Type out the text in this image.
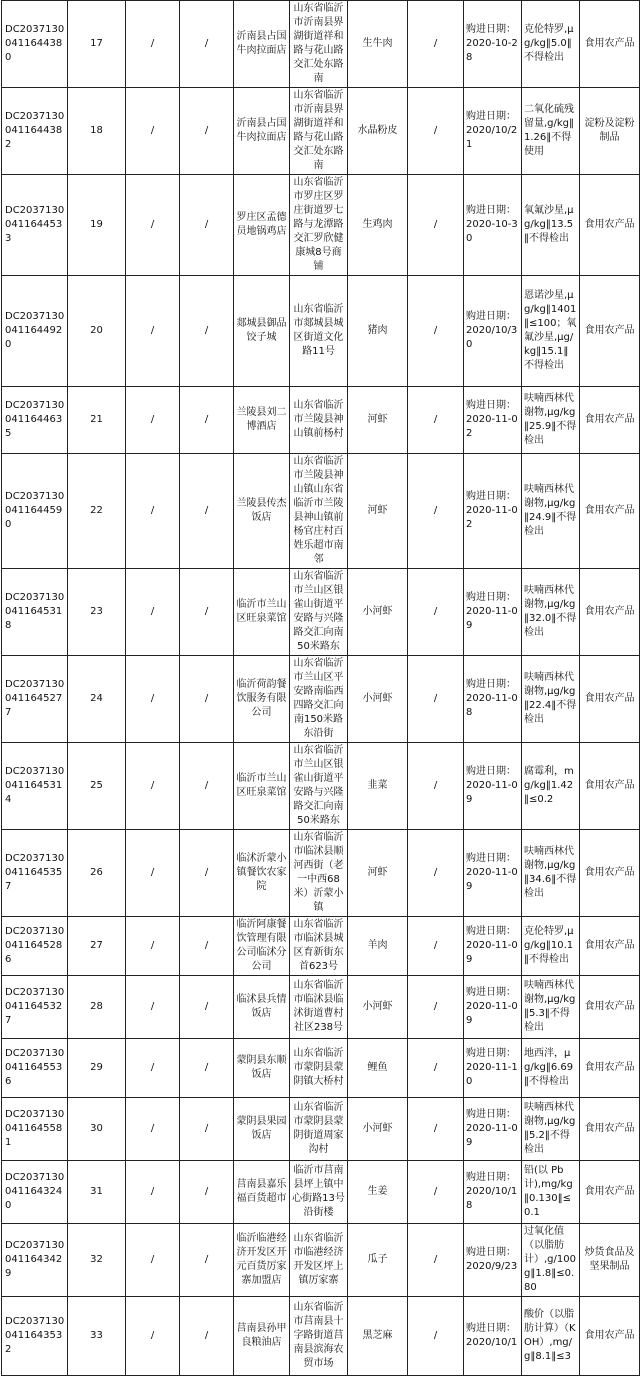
DC20371300411644380	17	/	/	沂南县占国牛肉拉面店	山东省临沂市沂南县界湖街道祥和路与花山路交汇处东路南	生牛肉	/	购进日期：2020-10-28	克伦特罗,μg/kg‖5.0‖不得检出	食用农产品
DC20371300411644382	18	/	/	沂南县占国牛肉拉面店	山东省临沂市沂南县界湖街道祥和路与花山路交汇处东路南	水晶粉皮	/	购进日期：2020/10/21	二氧化硫残留量,g/kg‖1.26‖不得使用	淀粉及淀粉制品
DC20371300411644533	19	/	/	罗庄区孟德员地锅鸡店	山东省临沂市罗庄区罗庄街道罗七路与龙潭路交汇罗欣健康城8号商铺	生鸡肉	/	购进日期：2020-10-30	氧氟沙星,μg/kg‖13.5‖不得检出	食用农产品
DC20371300411644920	20	/	/	郯城县御品饺子城	山东省临沂市郯城县城区街道文化路11号	猪肉	/	购进日期：2020/10/30	恩诺沙星,μg/kg‖1401‖≤100；氧氟沙星,μg/kg‖15.1‖不得检出	食用农产品
DC20371300411644635	21	/	/	兰陵县刘二博酒店	山东省临沂市兰陵县神山镇前杨村	河虾	/	购进日期：2020-11-02	呋喃西林代谢物,μg/kg‖25.9‖不得检出	食用农产品
DC20371300411644590	22	/	/	兰陵县传杰饭店	山东省临沂市兰陵县神山镇山东省临沂市兰陵县神山镇前杨官庄村百姓乐超市南邻	河虾	/	购进日期：2020-11-02	呋喃西林代谢物,μg/kg‖24.9‖不得检出	食用农产品
DC20371300411645318	23	/	/	临沂市兰山区旺泉菜馆	山东省临沂市兰山区银雀山街道平安路与兴隆路交汇向南50米路东	小河虾	/	购进日期：2020-11-09	呋喃西林代谢物,μg/kg‖32.0‖不得检出	食用农产品
DC20371300411645277	24	/	/	临沂荷韵餐饮服务有限公司	山东省临沂市兰山区平安路南临西四路交汇向南150米路东沿街	小河虾	/	购进日期：2020-11-08	呋喃西林代谢物,μg/kg‖22.4‖不得检出	食用农产品
DC20371300411645314	25	/	/	临沂市兰山区旺泉菜馆	山东省临沂市兰山区银雀山街道平安路与兴隆路交汇向南50米路东	韭菜	/	购进日期：2020-11-09	腐霉利，mg/kg‖1.42‖≤0.2	食用农产品
DC20371300411645357	26	/	/	临沭沂蒙小镇餐饮农家院	山东省临沂市临沭县顺河西街（老一中西68米）沂蒙小镇	河虾	/	购进日期：2020-11-09	呋喃西林代谢物,μg/kg‖34.6‖不得检出	食用农产品
DC20371300411645286	27	/	/	临沂阿康餐饮管理有限公司临沭分公司	山东省临沂市临沭县城区育新街东首623号	羊肉	/	购进日期：2020-11-09	克伦特罗,μg/kg‖10.1‖不得检出	食用农产品
DC20371300411645327	28	/	/	临沭县兵情饭店	山东省临沂市临沭县临沭街道曹村社区238号	小河虾	/	购进日期：2020-11-09	呋喃西林代谢物,μg/kg‖5.3‖不得检出	食用农产品
DC20371300411645536	29	/	/	蒙阴县东顺饭店	山东省临沂市蒙阴县蒙阴镇大桥村	鲤鱼	/	购进日期：2020-11-10	地西泮，μg/kg‖6.69‖不得检出	食用农产品
DC20371300411645581	30	/	/	蒙阴县果园饭店	山东省临沂市蒙阴县蒙阴街道周家沟村	小河虾	/	购进日期：2020-11-09	呋喃西林代谢物,μg/kg‖5.2‖不得检出	食用农产品
DC20371300411643240	31	/	/	莒南县嘉乐福百货超市	临沂市莒南县坪上镇中心街路13号沿街楼	生姜	/	购进日期：2020/10/18	铅(以 Pb 计),mg/kg‖0.130‖≤0.1	食用农产品
DC20371300411643429	32	/	/	临沂临港经济开发区开元百货厉家寨加盟店	山东省临沂市临港经济开发区坪上镇厉家寨	瓜子	/	购进日期：2020/9/23	过氧化值（以脂肪计）,g/100g‖1.8‖≤0.80	炒货食品及坚果制品
DC20371300411643532	33	/	/	莒南县孙甲良粮油店	山东省临沂市莒南县十字路街道莒南县滨海农贸市场	黑芝麻	/	购进日期：2020/10/1	酸价（以脂肪计算）（KOH）,mg/g‖8.1‖≤3	食用农产品
